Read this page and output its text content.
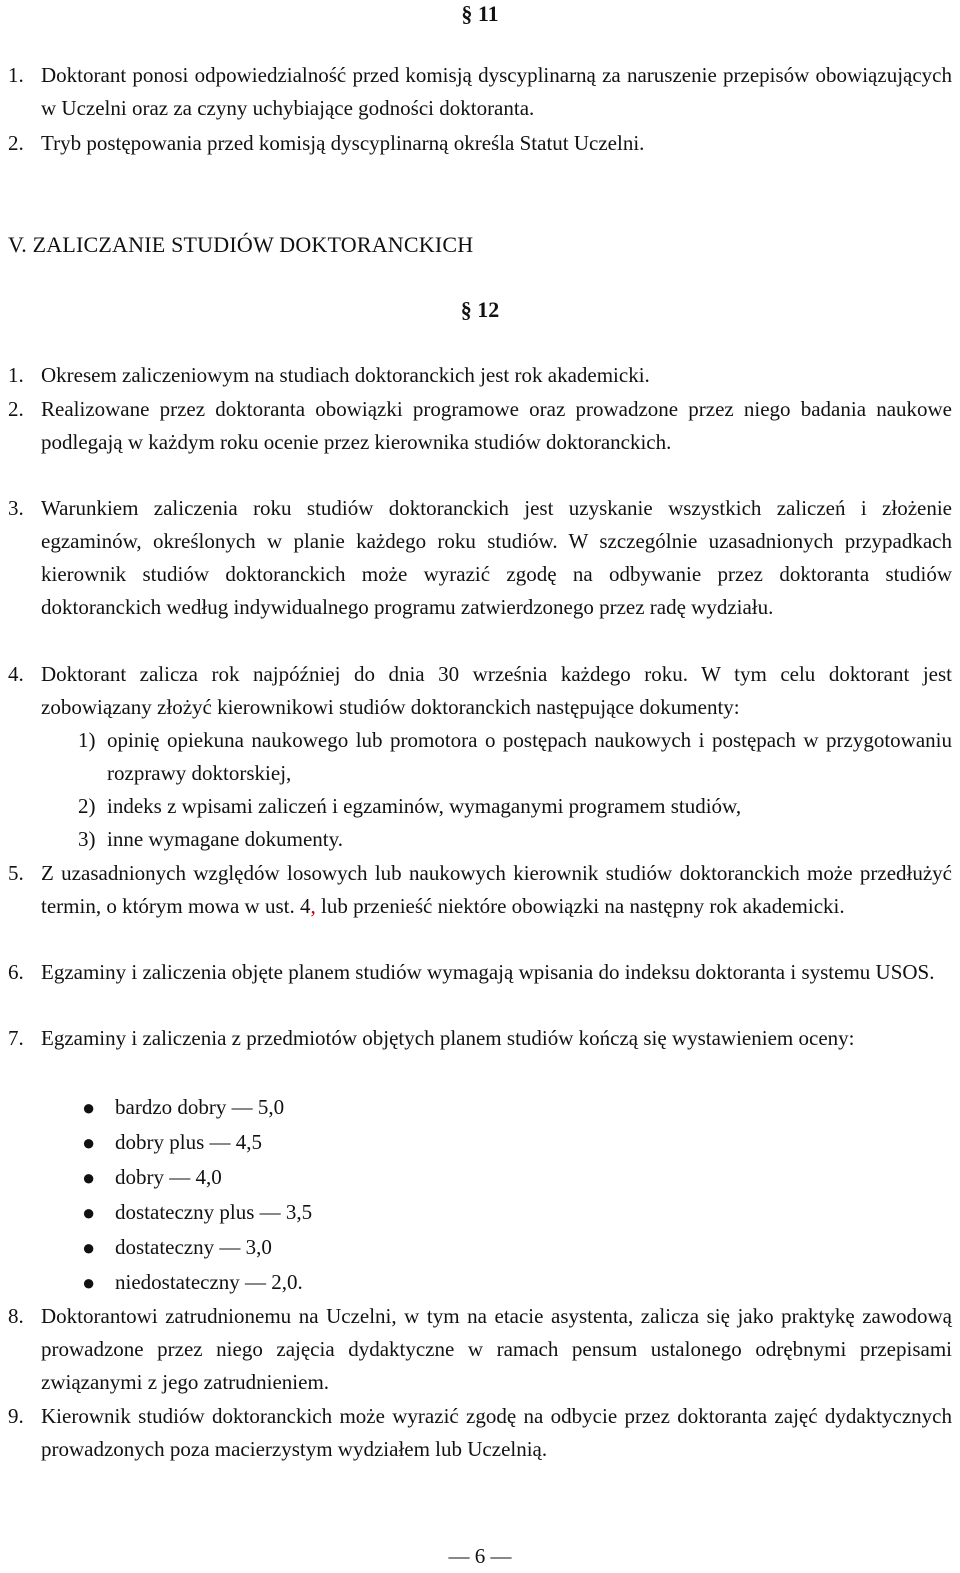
§ 11
1. Doktorant ponosi odpowiedzialność przed komisją dyscyplinarną za naruszenie przepisów obowiązujących w Uczelni oraz za czyny uchybiające godności doktoranta.
2. Tryb postępowania przed komisją dyscyplinarną określa Statut Uczelni.
V. ZALICZANIE STUDIÓW DOKTORANCKICH
§ 12
1. Okresem zaliczeniowym na studiach doktoranckich jest rok akademicki.
2. Realizowane przez doktoranta obowiązki programowe oraz prowadzone przez niego badania naukowe podlegają w każdym roku ocenie przez kierownika studiów doktoranckich.
3. Warunkiem zaliczenia roku studiów doktoranckich jest uzyskanie wszystkich zaliczeń i złożenie egzaminów, określonych w planie każdego roku studiów. W szczególnie uzasadnionych przypadkach kierownik studiów doktoranckich może wyrazić zgodę na odbywanie przez doktoranta studiów doktoranckich według indywidualnego programu zatwierdzonego przez radę wydziału.
4. Doktorant zalicza rok najpóźniej do dnia 30 września każdego roku. W tym celu doktorant jest zobowiązany złożyć kierownikowi studiów doktoranckich następujące dokumenty:
1) opinię opiekuna naukowego lub promotora o postępach naukowych i postępach w przygotowaniu rozprawy doktorskiej,
2) indeks z wpisami zaliczeń i egzaminów, wymaganymi programem studiów,
3) inne wymagane dokumenty.
5. Z uzasadnionych względów losowych lub naukowych kierownik studiów doktoranckich może przedłużyć termin, o którym mowa w ust. 4, lub przenieść niektóre obowiązki na następny rok akademicki.
6. Egzaminy i zaliczenia objęte planem studiów wymagają wpisania do indeksu doktoranta i systemu USOS.
7. Egzaminy i zaliczenia z przedmiotów objętych planem studiów kończą się wystawieniem oceny:
● bardzo dobry — 5,0
● dobry plus — 4,5
● dobry — 4,0
● dostateczny plus — 3,5
● dostateczny — 3,0
● niedostateczny — 2,0.
8. Doktorantowi zatrudnionemu na Uczelni, w tym na etacie asystenta, zalicza się jako praktykę zawodową prowadzone przez niego zajęcia dydaktyczne w ramach pensum ustalonego odrębnymi przepisami związanymi z jego zatrudnieniem.
9. Kierownik studiów doktoranckich może wyrazić zgodę na odbycie przez doktoranta zajęć dydaktycznych prowadzonych poza macierzystym wydziałem lub Uczelnią.
— 6 —
